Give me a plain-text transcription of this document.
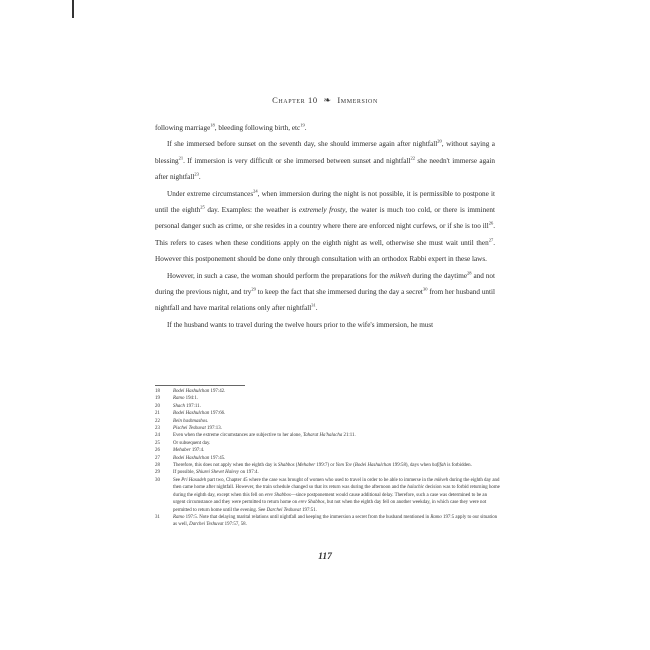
Chapter 10 ❧ Immersion

following marriage$^{18}$, bleeding following birth, etc$^{19}$.

If she immersed before sunset on the seventh day, she should immerse again after nightfall$^{20}$, without saying a blessing$^{21}$. If immersion is very difficult or she immersed between sunset and nightfall$^{22}$ she needn't immerse again after nightfall$^{23}$.

Under extreme circumstances$^{24}$, when immersion during the night is not possible, it is permissible to postpone it until the eighth$^{25}$ day. Examples: the weather is extremely frosty, the water is much too cold, or there is imminent personal danger such as crime, or she resides in a country where there are enforced night curfews, or if she is too ill$^{26}$. This refers to cases when these conditions apply on the eighth night as well, otherwise she must wait until then$^{27}$. However this postponement should be done only through consultation with an orthodox Rabbi expert in these laws.

However, in such a case, the woman should perform the preparations for the mikveh during the daytime$^{28}$ and not during the previous night, and try$^{29}$ to keep the fact that she immersed during the day a secret$^{30}$ from her husband until nightfall and have marital relations only after nightfall$^{31}$.

If the husband wants to travel during the twelve hours prior to the wife's immersion, he must

18	Bodei Hashulchan 197:42.
19	Ramo 194:1.
20	Shach 197:11.
21	Bodei Hashulchan 197:66.
22	Bein hashmashos.
23	Pischei Teshuvat 197:13.
24	Even when the extreme circumstances are subjective to her alone, Taharat Ha'halacha 21:11.
25	Or subsequent day.
26	Mehaber 197:4.
27	Bodei Hashulchan 197:45.
28	Therefore, this does not apply when the eighth day is Shabbos (Mehaber 199:7) or Yom Tov (Bodei Hashulchan 199:58), days when hafifah is forbidden.
29	If possible, Shiurei Shevet Halevy on 197:4.
30	See Pri Hasadeh part two, Chapter 45 where the case was brought of women who used to travel in order to be able to immerse in the mikveh during the eighth day and then came home after nightfall. However, the train schedule changed so that its return was during the afternoon and the halachic decision was to forbid returning home during the eighth day, except when this fell on erev Shabbos—since postponement would cause additional delay. Therefore, such a case was determined to be an urgent circumstance and they were permitted to return home on erev Shabbos, but not when the eighth day fell on another weekday, in which case they were not permitted to return home until the evening. See Darchei Teshuvat 197:51.
31	Ramo 197:5. Note that delaying marital relations until nightfall and keeping the immersion a secret from the husband mentioned in Ramo 197:5 apply to our situation as well, Darchei Teshuvat 197:57, 58.
117
